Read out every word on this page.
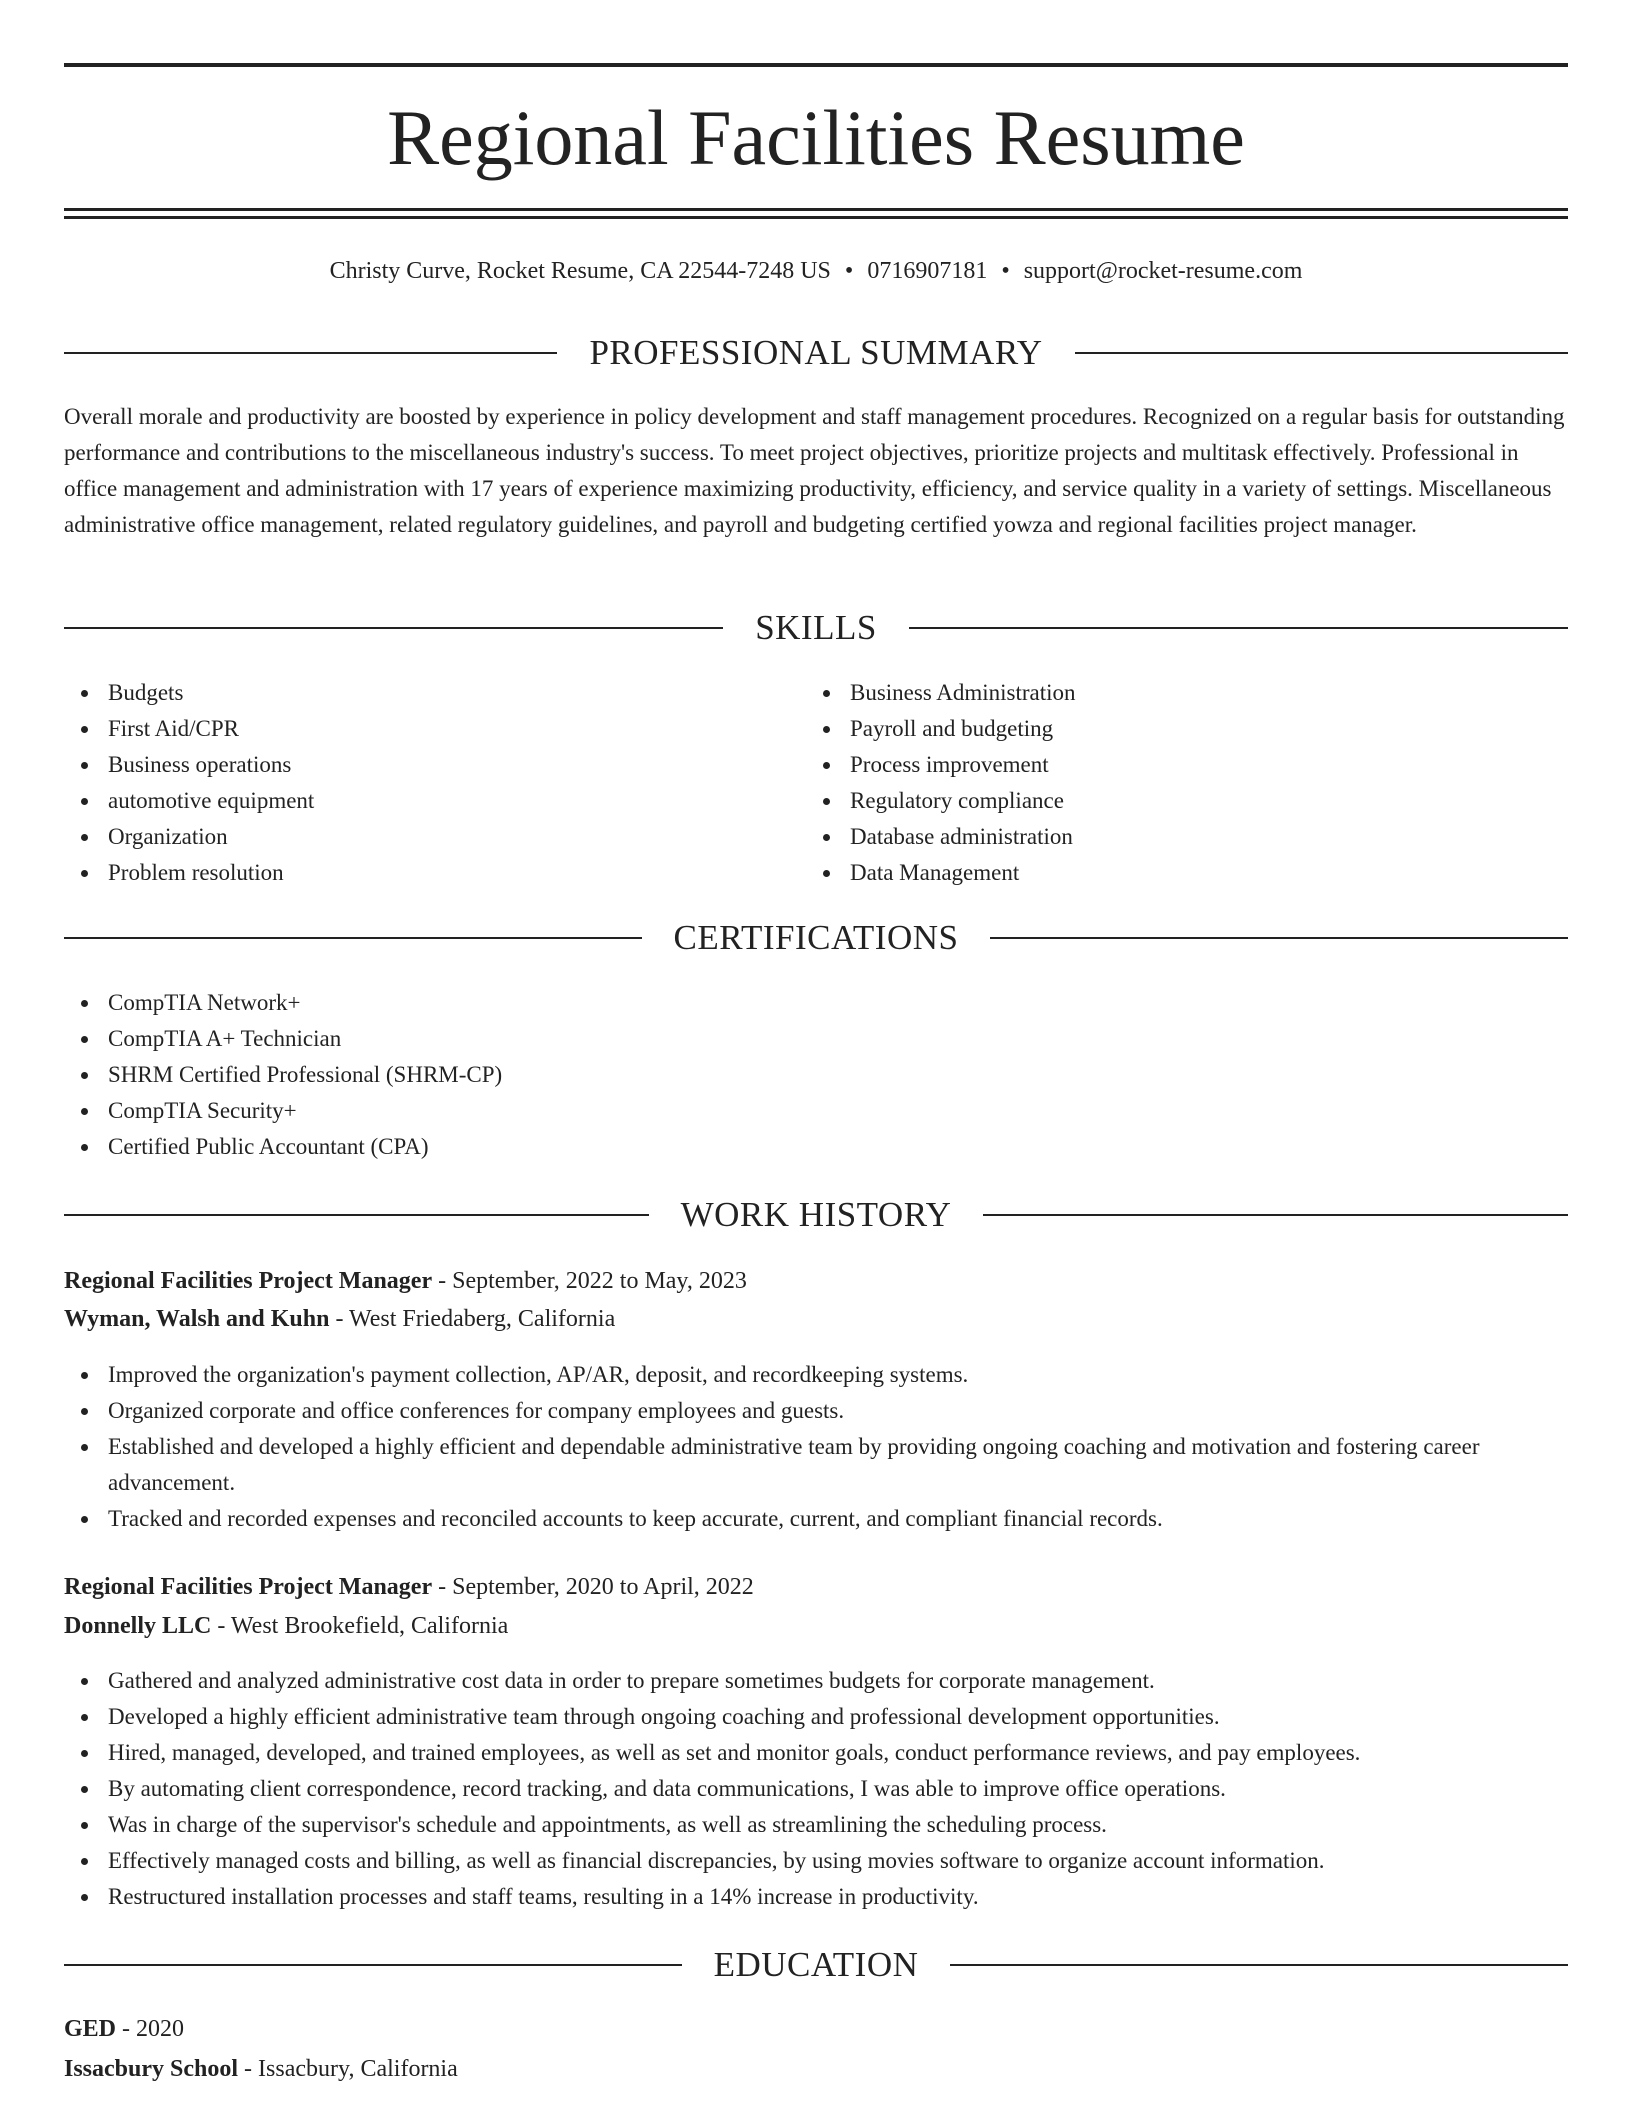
Regional Facilities Resume
Christy Curve, Rocket Resume, CA 22544-7248 US • 0716907181 • support@rocket-resume.com
PROFESSIONAL SUMMARY
Overall morale and productivity are boosted by experience in policy development and staff management procedures. Recognized on a regular basis for outstanding performance and contributions to the miscellaneous industry's success. To meet project objectives, prioritize projects and multitask effectively. Professional in office management and administration with 17 years of experience maximizing productivity, efficiency, and service quality in a variety of settings. Miscellaneous administrative office management, related regulatory guidelines, and payroll and budgeting certified yowza and regional facilities project manager.
SKILLS
Budgets
First Aid/CPR
Business operations
automotive equipment
Organization
Problem resolution
Business Administration
Payroll and budgeting
Process improvement
Regulatory compliance
Database administration
Data Management
CERTIFICATIONS
CompTIA Network+
CompTIA A+ Technician
SHRM Certified Professional (SHRM-CP)
CompTIA Security+
Certified Public Accountant (CPA)
WORK HISTORY
Regional Facilities Project Manager - September, 2022 to May, 2023
Wyman, Walsh and Kuhn - West Friedaberg, California
Improved the organization's payment collection, AP/AR, deposit, and recordkeeping systems.
Organized corporate and office conferences for company employees and guests.
Established and developed a highly efficient and dependable administrative team by providing ongoing coaching and motivation and fostering career advancement.
Tracked and recorded expenses and reconciled accounts to keep accurate, current, and compliant financial records.
Regional Facilities Project Manager - September, 2020 to April, 2022
Donnelly LLC - West Brookefield, California
Gathered and analyzed administrative cost data in order to prepare sometimes budgets for corporate management.
Developed a highly efficient administrative team through ongoing coaching and professional development opportunities.
Hired, managed, developed, and trained employees, as well as set and monitor goals, conduct performance reviews, and pay employees.
By automating client correspondence, record tracking, and data communications, I was able to improve office operations.
Was in charge of the supervisor's schedule and appointments, as well as streamlining the scheduling process.
Effectively managed costs and billing, as well as financial discrepancies, by using movies software to organize account information.
Restructured installation processes and staff teams, resulting in a 14% increase in productivity.
EDUCATION
GED - 2020
Issacbury School - Issacbury, California
